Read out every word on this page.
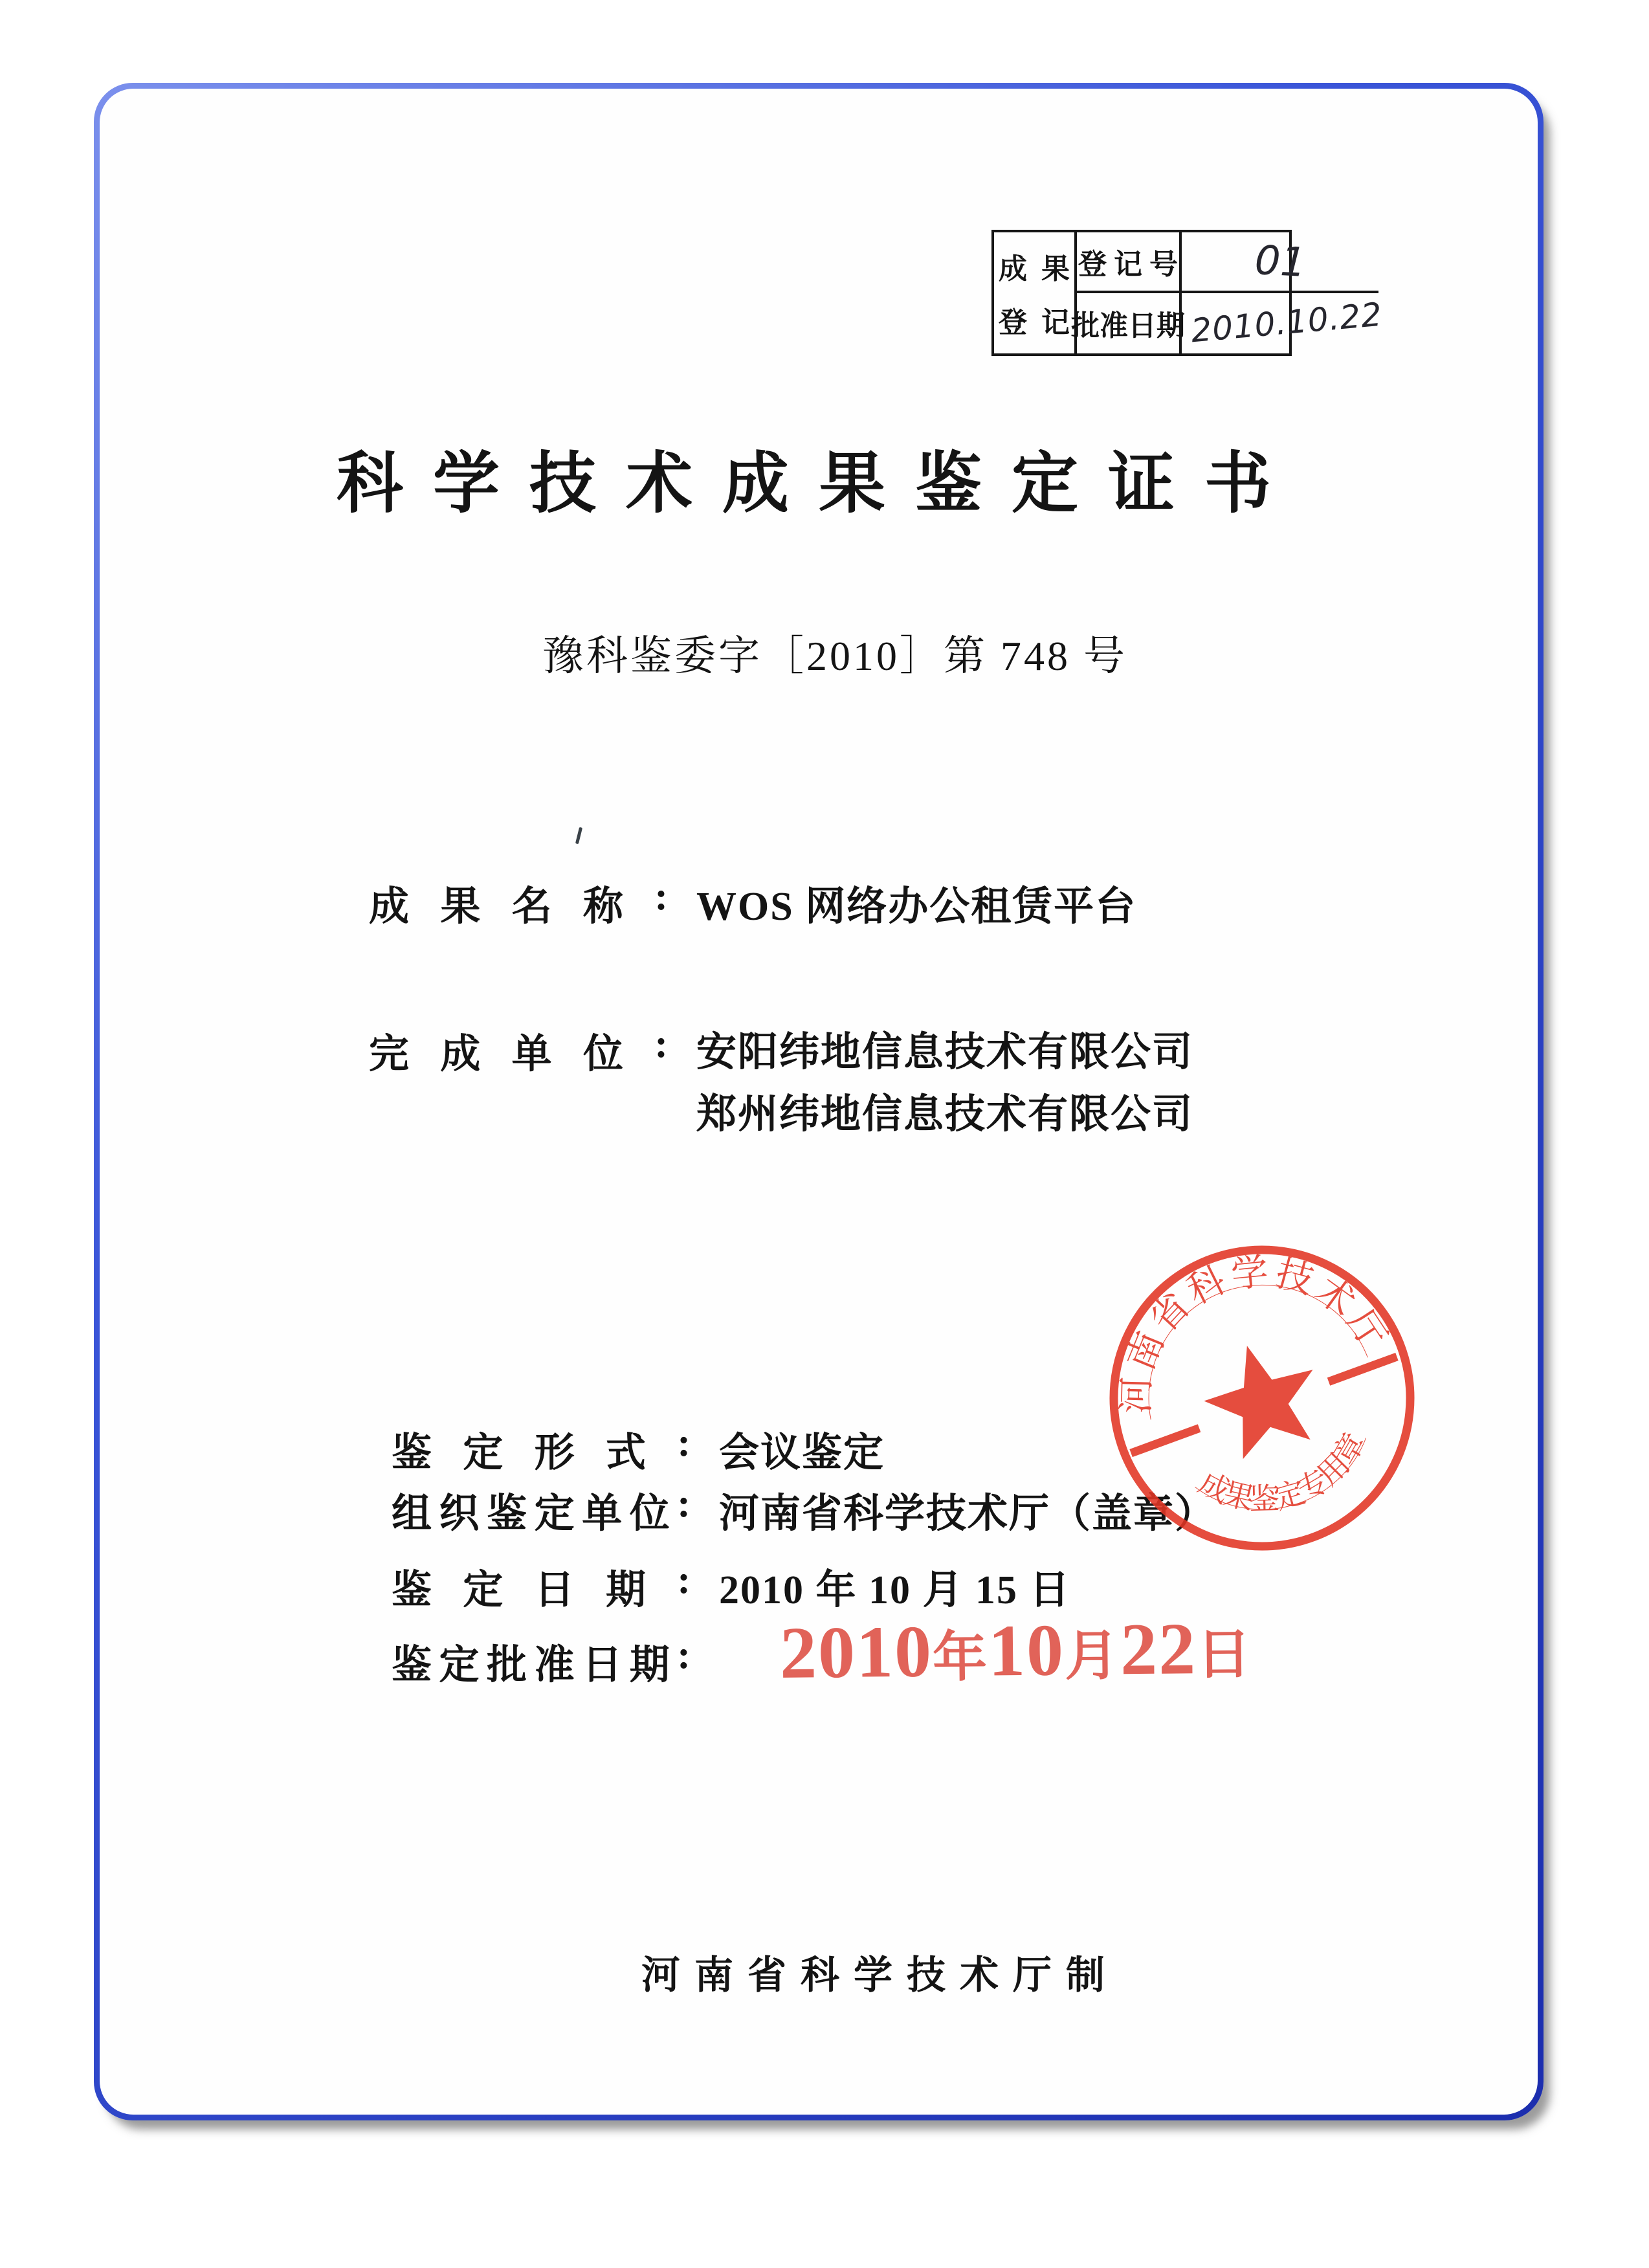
成  果
登  记
登 记 号 01
批准日期 2010.10.22
科学技术成果鉴定证书
豫科鉴委字［2010］第 748 号
成 果 名 称 : WOS 网络办公租赁平台
完 成 单 位 : 安阳纬地信息技术有限公司
郑州纬地信息技术有限公司
鉴 定 形 式 : 会议鉴定
组 织 鉴 定 单 位 : 河南省科学技术厅（盖章）
鉴 定 日 期 : 2010 年 10 月 15 日
鉴 定 批 准 日 期 : 2010年10月22日
河南省科学技术厅
成果鉴定专用章
河南省科学技术厅制
